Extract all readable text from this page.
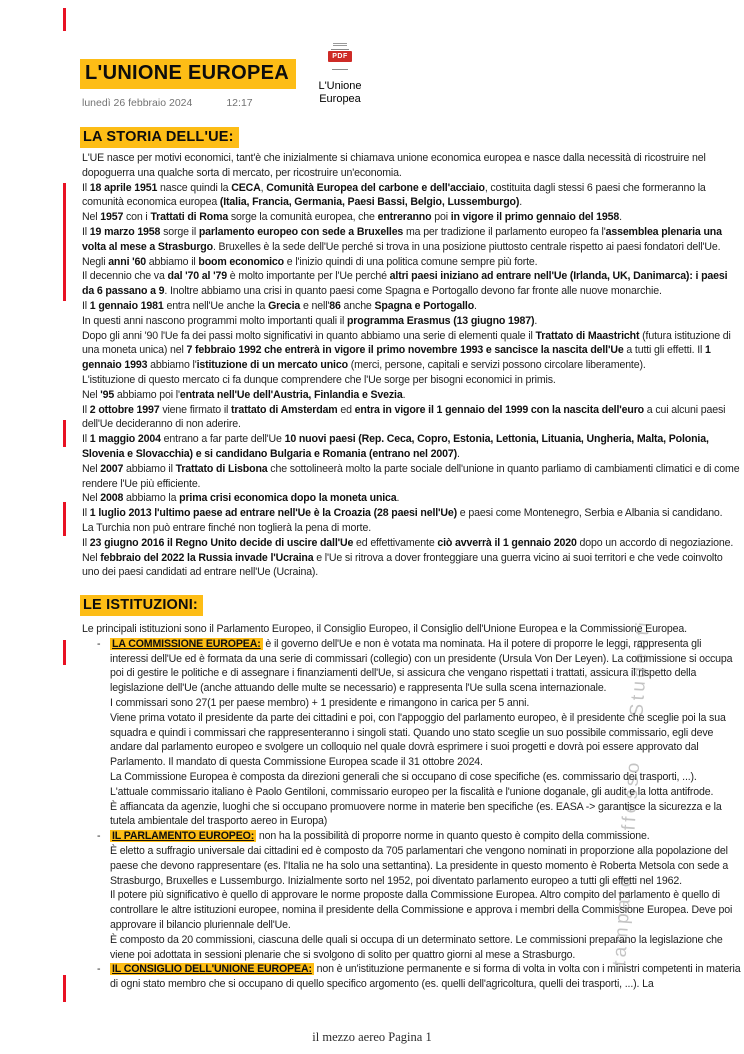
tampato ffesso Studenti
L'UNIONE EUROPEA
lunedì 26 febbraio 2024	12:17
PDF
L'Unione
Europea
LA STORIA DELL'UE:
L'UE nasce per motivi economici, tant'è che inizialmente si chiamava unione economica europea e nasce dalla necessità di ricostruire nel dopoguerra una qualche sorta di mercato, per ricostruire un'economia.
Il 18 aprile 1951 nasce quindi la CECA, Comunità Europea del carbone e dell'acciaio, costituita dagli stessi 6 paesi che formeranno la comunità economica europea (Italia, Francia, Germania, Paesi Bassi, Belgio, Lussemburgo).
Nel 1957 con i Trattati di Roma sorge la comunità europea, che entreranno poi in vigore il primo gennaio del 1958.
Il 19 marzo 1958 sorge il parlamento europeo con sede a Bruxelles ma per tradizione il parlamento europeo fa l'assemblea plenaria una volta al mese a Strasburgo. Bruxelles è la sede dell'Ue perché si trova in una posizione piuttosto centrale rispetto ai paesi fondatori dell'Ue.
Negli anni '60 abbiamo il boom economico e l'inizio quindi di una politica comune sempre più forte.
Il decennio che va dal '70 al '79 è molto importante per l'Ue perché altri paesi iniziano ad entrare nell'Ue (Irlanda, UK, Danimarca): i paesi da 6 passano a 9. Inoltre abbiamo una crisi in quanto paesi come Spagna e Portogallo devono far fronte alle nuove monarchie.
Il 1 gennaio 1981 entra nell'Ue anche la Grecia e nell'86 anche Spagna e Portogallo.
In questi anni nascono programmi molto importanti quali il programma Erasmus (13 giugno 1987).
Dopo gli anni '90 l'Ue fa dei passi molto significativi in quanto abbiamo una serie di elementi quale il Trattato di Maastricht (futura istituzione di una moneta unica) nel 7 febbraio 1992 che entrerà in vigore il primo novembre 1993 e sancisce la nascita dell'Ue a tutti gli effetti. Il 1 gennaio 1993 abbiamo l'istituzione di un mercato unico (merci, persone, capitali e servizi possono circolare liberamente).
L'istituzione di questo mercato ci fa dunque comprendere che l'Ue sorge per bisogni economici in primis.
Nel '95 abbiamo poi l'entrata nell'Ue dell'Austria, Finlandia e Svezia.
Il 2 ottobre 1997 viene firmato il trattato di Amsterdam ed entra in vigore il 1 gennaio del 1999 con la nascita dell'euro a cui alcuni paesi dell'Ue decideranno di non aderire.
Il 1 maggio 2004 entrano a far parte dell'Ue 10 nuovi paesi (Rep. Ceca, Copro, Estonia, Lettonia, Lituania, Ungheria, Malta, Polonia, Slovenia e Slovacchia) e si candidano Bulgaria e Romania (entrano nel 2007).
Nel 2007 abbiamo il Trattato di Lisbona che sottolineerà molto la parte sociale dell'unione in quanto parliamo di cambiamenti climatici e di come rendere l'Ue più efficiente.
Nel 2008 abbiamo la prima crisi economica dopo la moneta unica.
Il 1 luglio 2013 l'ultimo paese ad entrare nell'Ue è la Croazia (28 paesi nell'Ue) e paesi come Montenegro, Serbia e Albania si candidano.
La Turchia non può entrare finché non toglierà la pena di morte.
Il 23 giugno 2016 il Regno Unito decide di uscire dall'Ue ed effettivamente ciò avverrà il 1 gennaio 2020 dopo un accordo di negoziazione.
Nel febbraio del 2022 la Russia invade l'Ucraina e l'Ue si ritrova a dover fronteggiare una guerra vicino ai suoi territori e che vede coinvolto uno dei paesi candidati ad entrare nell'Ue (Ucraina).
LE ISTITUZIONI:
Le principali istituzioni sono il Parlamento Europeo, il Consiglio Europeo, il Consiglio dell'Unione Europea e la Commissione Europea.
-	LA COMMISSIONE EUROPEA: è il governo dell'Ue e non è votata ma nominata. Ha il potere di proporre le leggi, rappresenta gli interessi dell'Ue ed è formata da una serie di commissari (collegio) con un presidente (Ursula Von Der Leyen). La commissione si occupa poi di gestire le politiche e di assegnare i finanziamenti dell'Ue, si assicura che vengano rispettati i trattati, assicura il rispetto della legislazione dell'Ue (anche attuando delle multe se necessario) e rappresenta l'Ue sulla scena internazionale.
I commissari sono 27(1 per paese membro) + 1 presidente e rimangono in carica per 5 anni.
Viene prima votato il presidente da parte dei cittadini e poi, con l'appoggio del parlamento europeo, è il presidente che sceglie poi la sua squadra e quindi i commissari che rappresenteranno i singoli stati. Quando uno stato sceglie un suo possibile commissario, egli deve andare dal parlamento europeo e svolgere un colloquio nel quale dovrà esprimere i suoi progetti e dovrà poi essere approvato dal Parlamento. Il mandato di questa Commissione Europea scade il 31 ottobre 2024.
La Commissione Europea è composta da direzioni generali che si occupano di cose specifiche (es. commissario dei trasporti, ...).
L'attuale commissario italiano è Paolo Gentiloni, commissario europeo per la fiscalità e l'unione doganale, gli audit e la lotta antifrode.
È affiancata da agenzie, luoghi che si occupano promuovere norme in materie ben specifiche (es. EASA -> garantisce la sicurezza e la tutela ambientale del trasporto aereo in Europa)
-	IL PARLAMENTO EUROPEO: non ha la possibilità di proporre norme in quanto questo è compito della commissione.
È eletto a suffragio universale dai cittadini ed è composto da 705 parlamentari che vengono nominati in proporzione alla popolazione del paese che devono rappresentare (es. l'Italia ne ha solo una settantina). La presidente in questo momento è Roberta Metsola con sede a Strasburgo, Bruxelles e Lussemburgo. Inizialmente sorto nel 1952, poi diventato parlamento europeo a tutti gli effetti nel 1962.
Il potere più significativo è quello di approvare le norme proposte dalla Commissione Europea. Altro compito del parlamento è quello di controllare le altre istituzioni europee, nomina il presidente della Commissione e approva i membri della Commissione Europea. Deve poi approvare il bilancio pluriennale dell'Ue.
È composto da 20 commissioni, ciascuna delle quali si occupa di un determinato settore. Le commissioni preparano la legislazione che viene poi adottata in sessioni plenarie che si svolgono di solito per quattro giorni al mese a Strasburgo.
-	IL CONSIGLIO DELL'UNIONE EUROPEA: non è un'istituzione permanente e si forma di volta in volta con i ministri competenti in materia di ogni stato membro che si occupano di quello specifico argomento (es. quelli dell'agricoltura, quelli dei trasporti, ...). La
il mezzo aereo Pagina 1
